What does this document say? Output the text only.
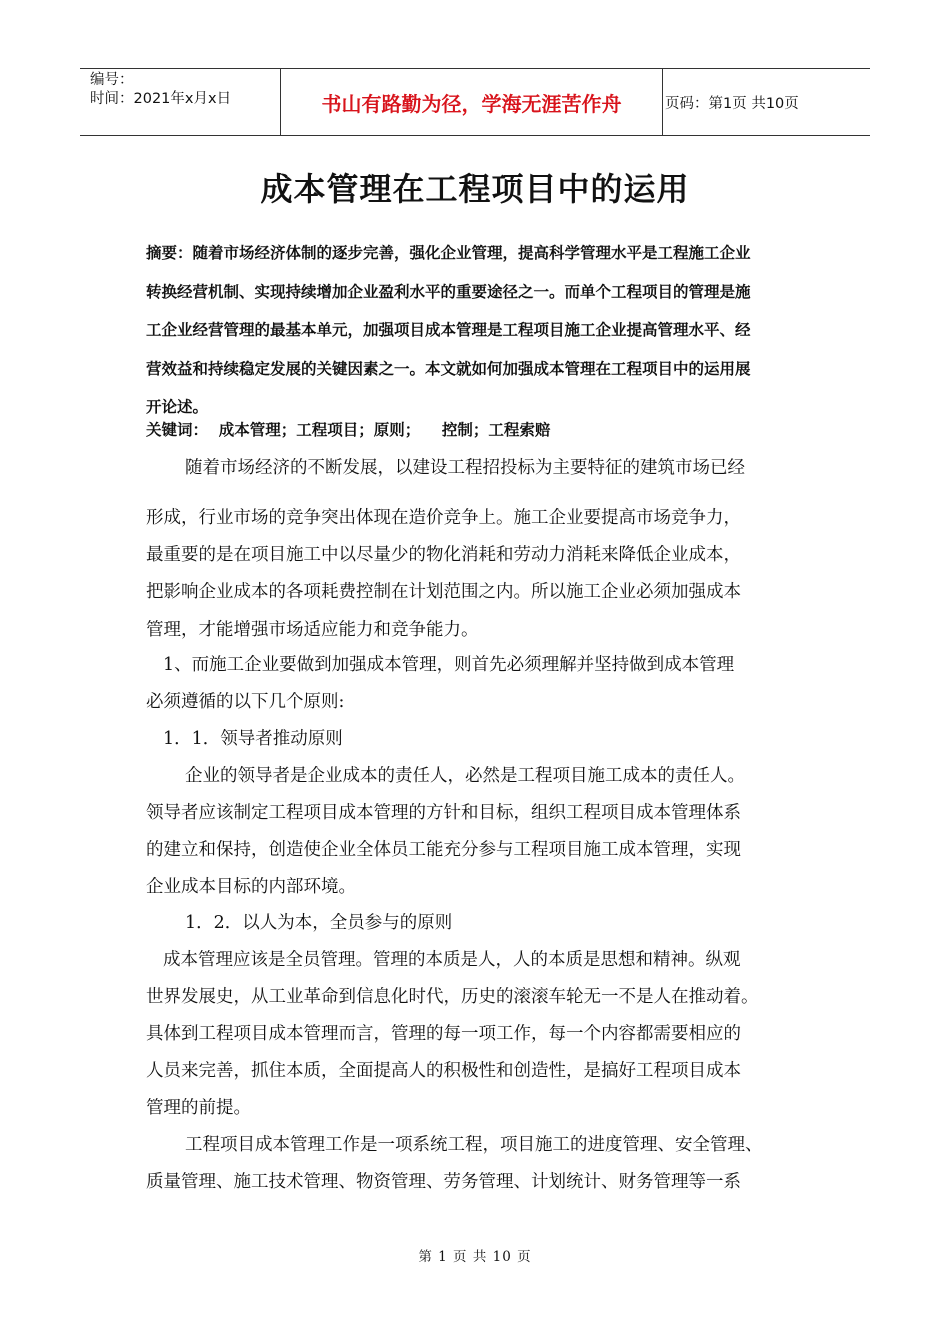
编号：
时间：2021年x月x日	书山有路勤为径，学海无涯苦作舟	页码：第1页 共10页
成本管理在工程项目中的运用

摘要：随着市场经济体制的逐步完善，强化企业管理，提高科学管理水平是工程施工企业

转换经营机制、实现持续增加企业盈利水平的重要途径之一。而单个工程项目的管理是施

工企业经营管理的最基本单元，加强项目成本管理是工程项目施工企业提高管理水平、经

营效益和持续稳定发展的关键因素之一。本文就如何加强成本管理在工程项目中的运用展

开论述。

关键词：  成本管理；工程项目；原则；    控制；工程索赔
随着市场经济的不断发展，以建设工程招投标为主要特征的建筑市场已经
形成，行业市场的竞争突出体现在造价竞争上。施工企业要提高市场竞争力，
最重要的是在项目施工中以尽量少的物化消耗和劳动力消耗来降低企业成本，
把影响企业成本的各项耗费控制在计划范围之内。所以施工企业必须加强成本
管理，才能增强市场适应能力和竞争能力。
1、而施工企业要做到加强成本管理，则首先必须理解并坚持做到成本管理
必须遵循的以下几个原则:
1．1．领导者推动原则
企业的领导者是企业成本的责任人，必然是工程项目施工成本的责任人。
领导者应该制定工程项目成本管理的方针和目标，组织工程项目成本管理体系
的建立和保持，创造使企业全体员工能充分参与工程项目施工成本管理，实现
企业成本目标的内部环境。
1．2．以人为本，全员参与的原则
成本管理应该是全员管理。管理的本质是人，人的本质是思想和精神。纵观
世界发展史，从工业革命到信息化时代，历史的滚滚车轮无一不是人在推动着。
具体到工程项目成本管理而言，管理的每一项工作，每一个内容都需要相应的
人员来完善，抓住本质，全面提高人的积极性和创造性，是搞好工程项目成本
管理的前提。
工程项目成本管理工作是一项系统工程，项目施工的进度管理、安全管理、
质量管理、施工技术管理、物资管理、劳务管理、计划统计、财务管理等一系
第 1 页 共 10 页
